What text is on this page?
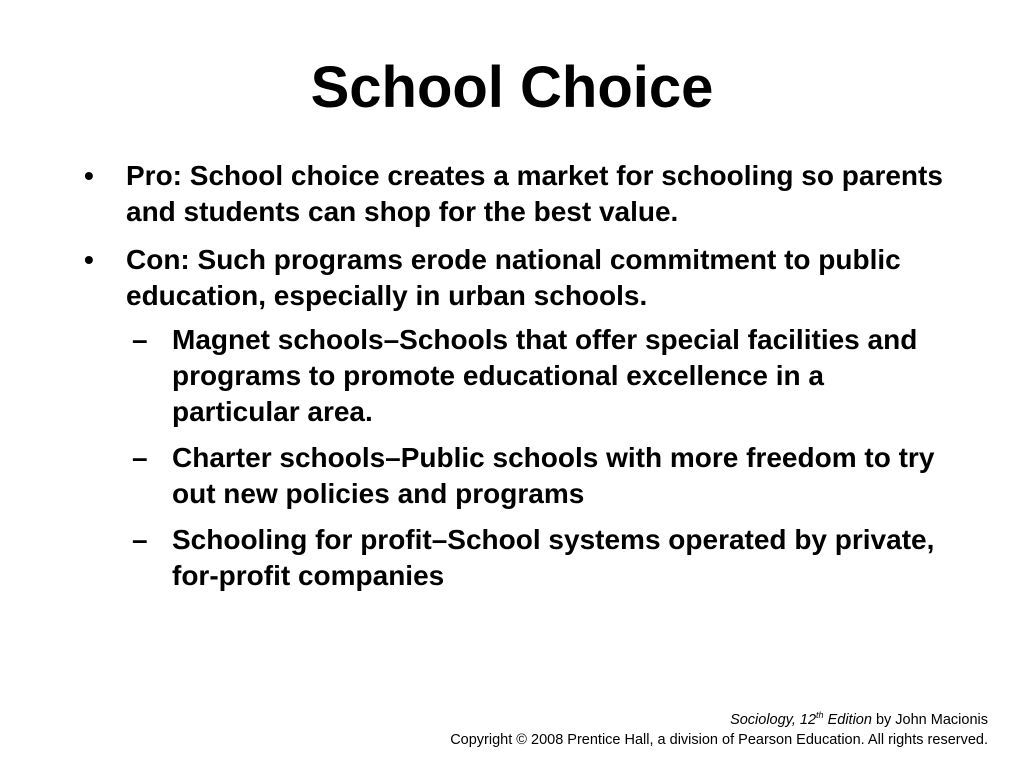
School Choice
•	Pro: School choice creates a market for schooling so parents and students can shop for the best value.
•	Con: Such programs erode national commitment to public education, especially in urban schools.
– Magnet schools–Schools that offer special facilities and programs to promote educational excellence in a particular area.
– Charter schools–Public schools with more freedom to try out new policies and programs
– Schooling for profit–School systems operated by private, for-profit companies
Sociology, 12th Edition by John Macionis
Copyright © 2008 Prentice Hall, a division of Pearson Education. All rights reserved.
